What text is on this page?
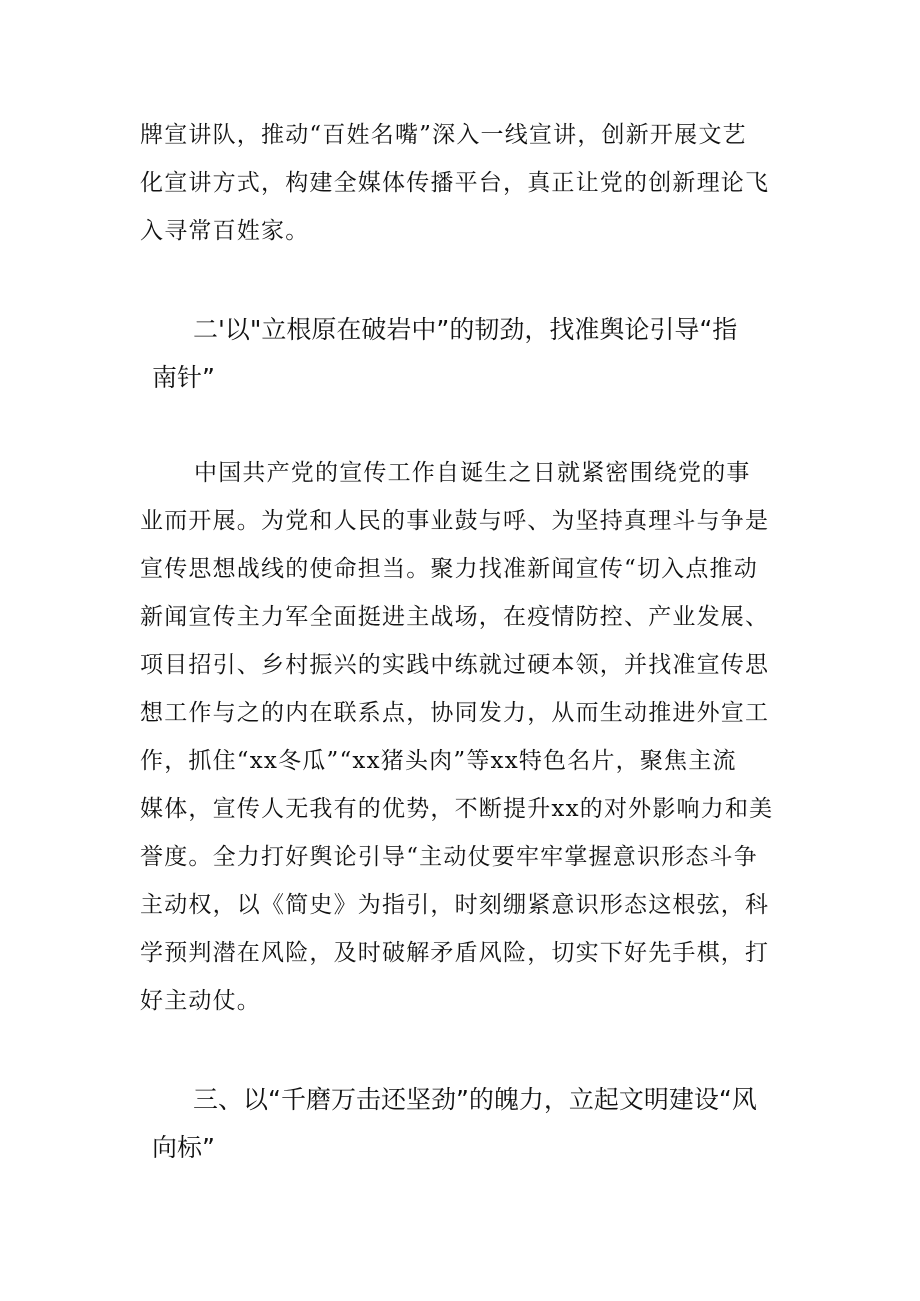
牌宣讲队，推动“百姓名嘴”深入一线宣讲，创新开展文艺
化宣讲方式，构建全媒体传播平台，真正让党的创新理论飞
入寻常百姓家。
二'以"立根原在破岩中”的韧劲，找准舆论引导“指
南针”
中国共产党的宣传工作自诞生之日就紧密围绕党的事
业而开展。为党和人民的事业鼓与呼、为坚持真理斗与争是
宣传思想战线的使命担当。聚力找准新闻宣传“切入点推动
新闻宣传主力军全面挺进主战场，在疫情防控、产业发展、
项目招引、乡村振兴的实践中练就过硬本领，并找准宣传思
想工作与之的内在联系点，协同发力，从而生动推进外宣工
作，抓住“xx冬瓜”“xx猪头肉”等xx特色名片，聚焦主流
媒体，宣传人无我有的优势，不断提升xx的对外影响力和美
誉度。全力打好舆论引导“主动仗要牢牢掌握意识形态斗争
主动权，以《简史》为指引，时刻绷紧意识形态这根弦，科
学预判潜在风险，及时破解矛盾风险，切实下好先手棋，打
好主动仗。
三、以“千磨万击还坚劲”的魄力，立起文明建设“风
向标”
